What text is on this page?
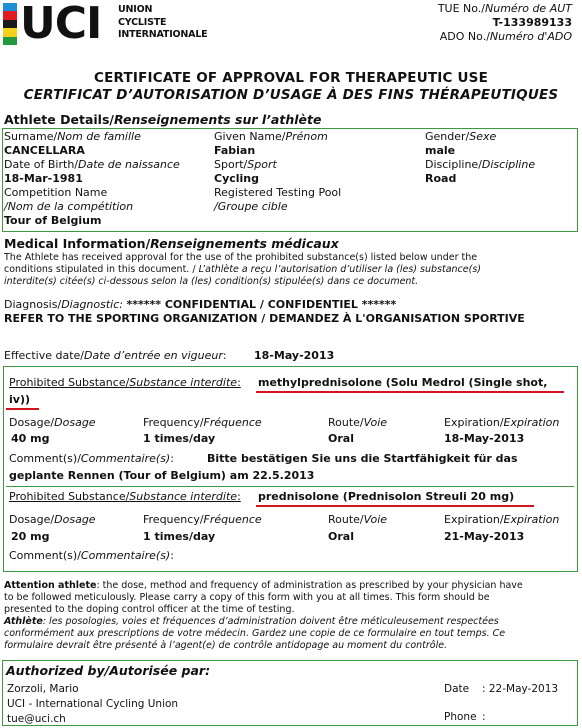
UCI UNION
CYCLISTE
INTERNATIONALE
TUE No./Numéro de AUT
T-133989133
ADO No./Numéro d'ADO
CERTIFICATE OF APPROVAL FOR THERAPEUTIC USE
CERTIFICAT D’AUTORISATION D’USAGE À DES FINS THÉRAPEUTIQUES
Athlete Details/Renseignements sur l’athlète
Surname/Nom de famille
CANCELLARA
Given Name/Prénom
Fabian
Gender/Sexe
male
Date of Birth/Date de naissance
18-Mar-1981
Sport/Sport
Cycling
Discipline/Discipline
Road
Competition Name
/Nom de la compétition
Tour of Belgium
Registered Testing Pool
/Groupe cible
Medical Information/Renseignements médicaux
The Athlete has received approval for the use of the prohibited substance(s) listed below under the
conditions stipulated in this document. / L’athlète a reçu l’autorisation d’utiliser la (les) substance(s)
interdite(s) citée(s) ci-dessous selon la (les) condition(s) stipulée(s) dans ce document.
Diagnosis/Diagnostic: ****** CONFIDENTIAL / CONFIDENTIEL ******
REFER TO THE SPORTING ORGANIZATION / DEMANDEZ À L'ORGANISATION SPORTIVE
Effective date/Date d’entrée en vigueur: 18-May-2013
Prohibited Substance/Substance interdite: methylprednisolone (Solu Medrol (Single shot,
iv))
Dosage/Dosage
40 mg
Frequency/Fréquence
1 times/day
Route/Voie
Oral
Expiration/Expiration
18-May-2013
Comment(s)/Commentaire(s):	Bitte bestätigen Sie uns die Startfähigkeit für das
geplante Rennen (Tour of Belgium) am 22.5.2013
Prohibited Substance/Substance interdite: prednisolone (Prednisolon Streuli 20 mg)
Dosage/Dosage
20 mg
Frequency/Fréquence
1 times/day
Route/Voie
Oral
Expiration/Expiration
21-May-2013
Comment(s)/Commentaire(s):
Attention athlete: the dose, method and frequency of administration as prescribed by your physician have
to be followed meticulously. Please carry a copy of this form with you at all times. This form should be
presented to the doping control officer at the time of testing.
Athlète: les posologies, voies et fréquences d’administration doivent être méticuleusement respectées
conformément aux prescriptions de votre médecin. Gardez une copie de ce formulaire en tout temps. Ce
formulaire devrait être présenté à l’agent(e) de contrôle antidopage au moment du contrôle.
Authorized by/Autorisée par:
Zorzoli, Mario
UCI - International Cycling Union
tue@uci.ch
Date : 22-May-2013
Phone :
